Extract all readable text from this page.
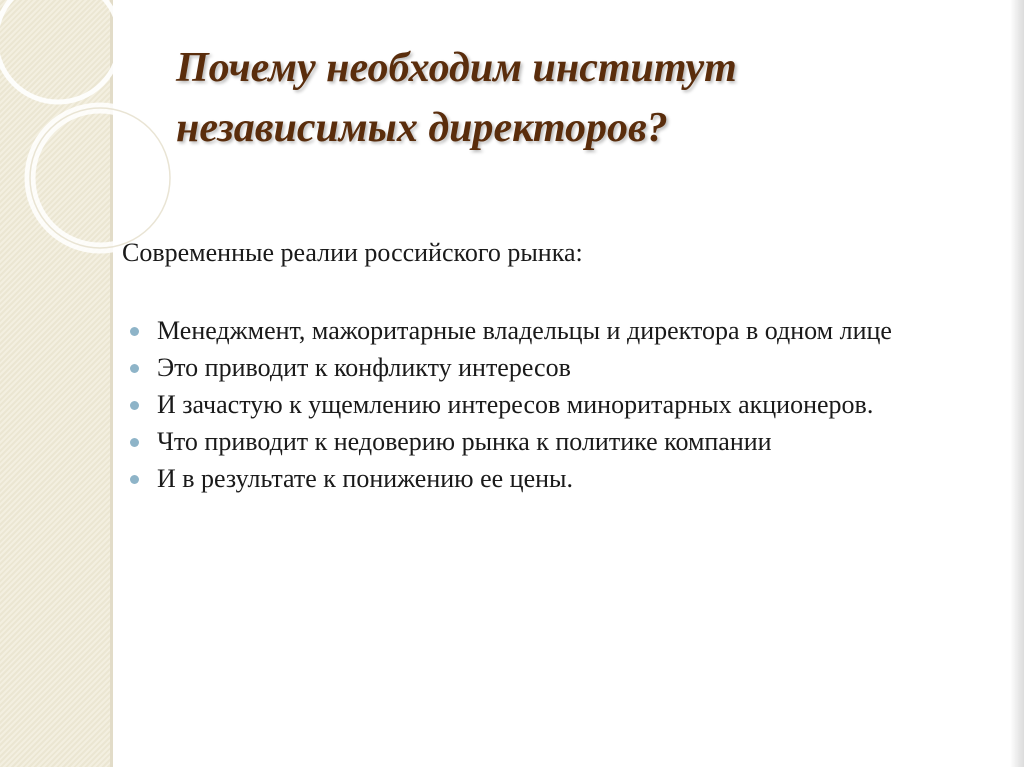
Почему необходим институт независимых директоров?

Современные реалии российского рынка:

Менеджмент, мажоритарные владельцы и директора в одном лице
Это приводит к конфликту интересов
И зачастую к ущемлению интересов миноритарных акционеров.
Что приводит к недоверию рынка к политике компании
И в результате к понижению ее цены.
